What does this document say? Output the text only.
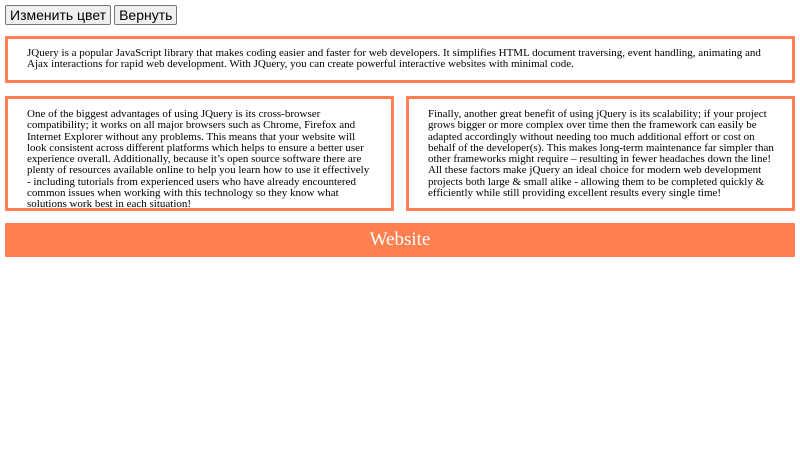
Изменить цвет Вернуть

JQuery is a popular JavaScript library that makes coding easier and faster for web developers. It simplifies HTML document traversing, event handling, animating and Ajax interactions for rapid web development. With JQuery, you can create powerful interactive websites with minimal code.

One of the biggest advantages of using JQuery is its cross-browser compatibility; it works on all major browsers such as Chrome, Firefox and Internet Explorer without any problems. This means that your website will look consistent across different platforms which helps to ensure a better user experience overall. Additionally, because it’s open source software there are plenty of resources available online to help you learn how to use it effectively - including tutorials from experienced users who have already encountered common issues when working with this technology so they know what solutions work best in each situation!

Finally, another great benefit of using jQuery is its scalability; if your project grows bigger or more complex over time then the framework can easily be adapted accordingly without needing too much additional effort or cost on behalf of the developer(s). This makes long-term maintenance far simpler than other frameworks might require – resulting in fewer headaches down the line! All these factors make jQuery an ideal choice for modern web development projects both large & small alike - allowing them to be completed quickly & efficiently while still providing excellent results every single time!

Website
